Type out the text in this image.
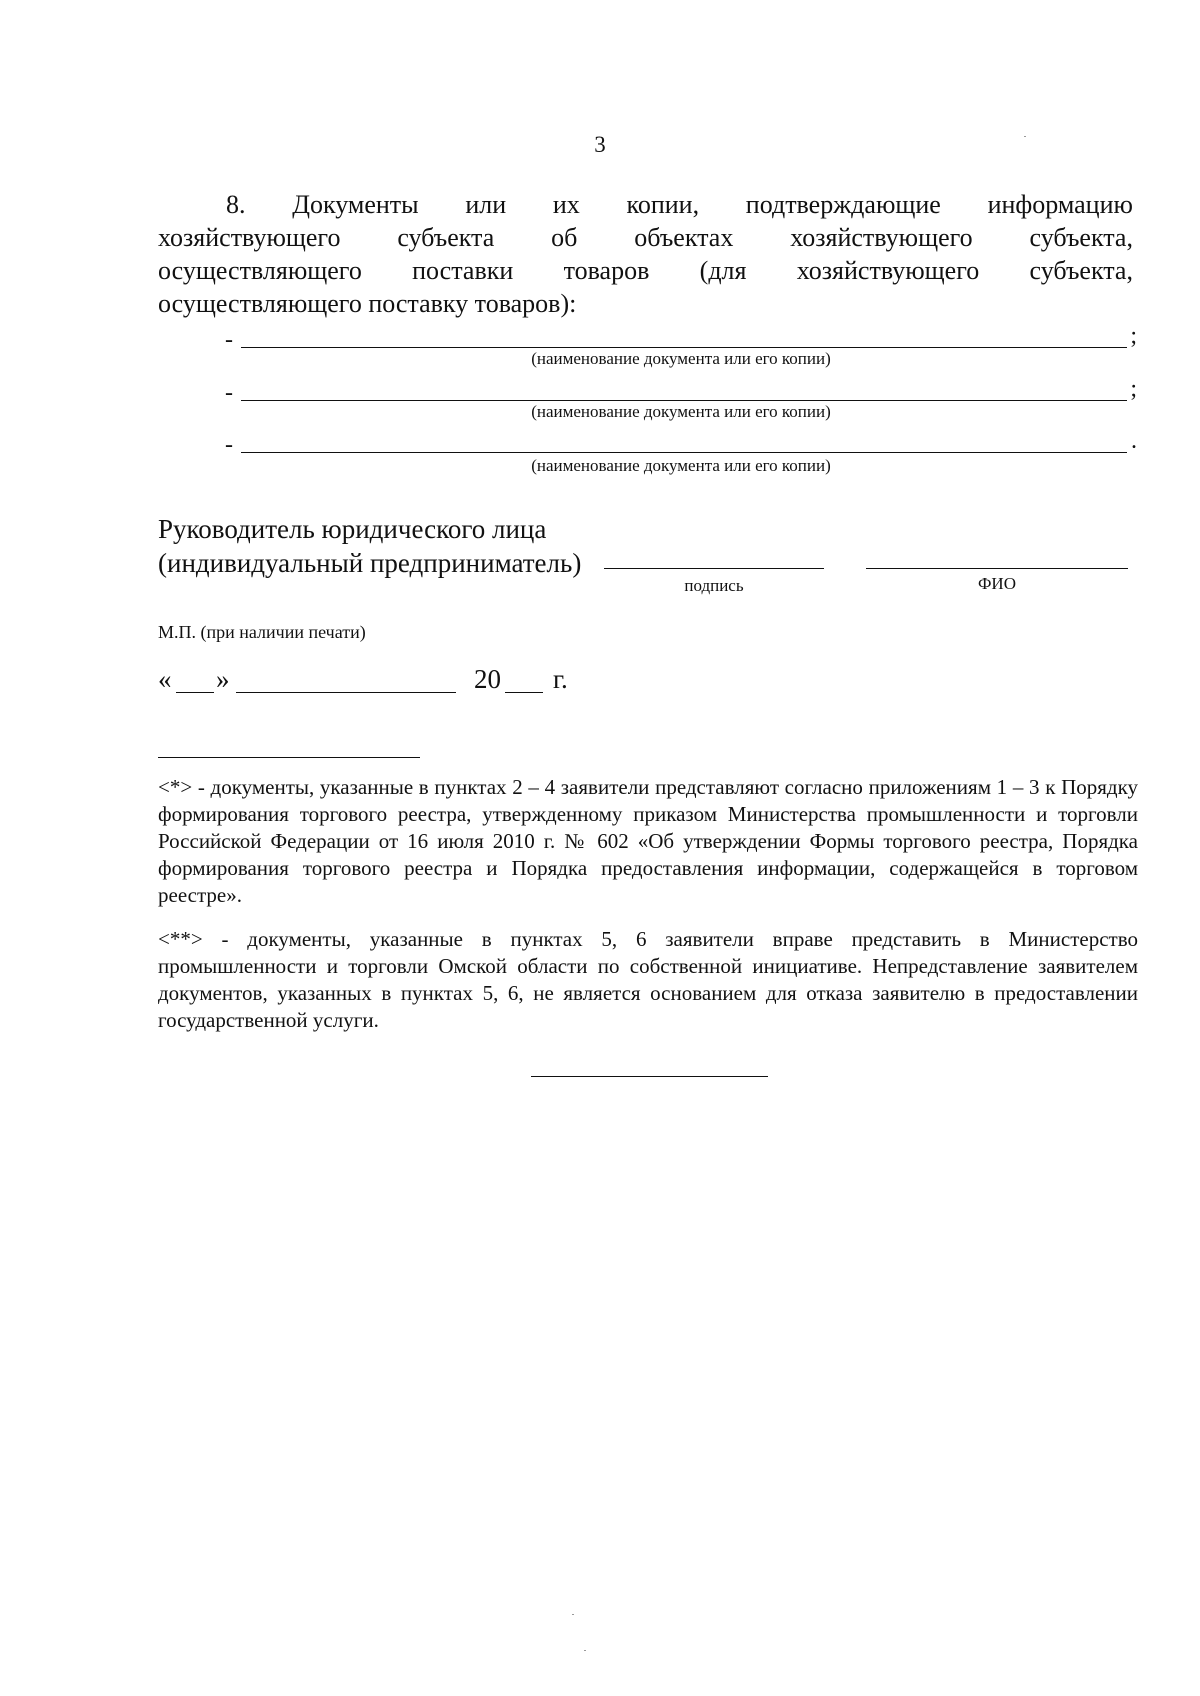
3
8. Документы или их копии, подтверждающие информацию
хозяйствующего субъекта об объектах хозяйствующего субъекта,
осуществляющего поставки товаров (для хозяйствующего субъекта,
осуществляющего поставку товаров):
-	;
(наименование документа или его копии)
-	;
(наименование документа или его копии)
-	.
(наименование документа или его копии)
Руководитель юридического лица
(индивидуальный предприниматель)
подпись	ФИО
М.П. (при наличии печати)
« »	20 г.
<*> - документы, указанные в пунктах 2 – 4 заявители представляют согласно приложениям 1 – 3 к Порядку формирования торгового реестра, утвержденному приказом Министерства промышленности и торговли Российской Федерации от 16 июля 2010 г. № 602 «Об утверждении Формы торгового реестра, Порядка формирования торгового реестра и Порядка предоставления информации, содержащейся в торговом реестре».
<**> - документы, указанные в пунктах 5, 6 заявители вправе представить в Министерство промышленности и торговли Омской области по собственной инициативе. Непредставление заявителем документов, указанных в пунктах 5, 6, не является основанием для отказа заявителю в предоставлении государственной услуги.
